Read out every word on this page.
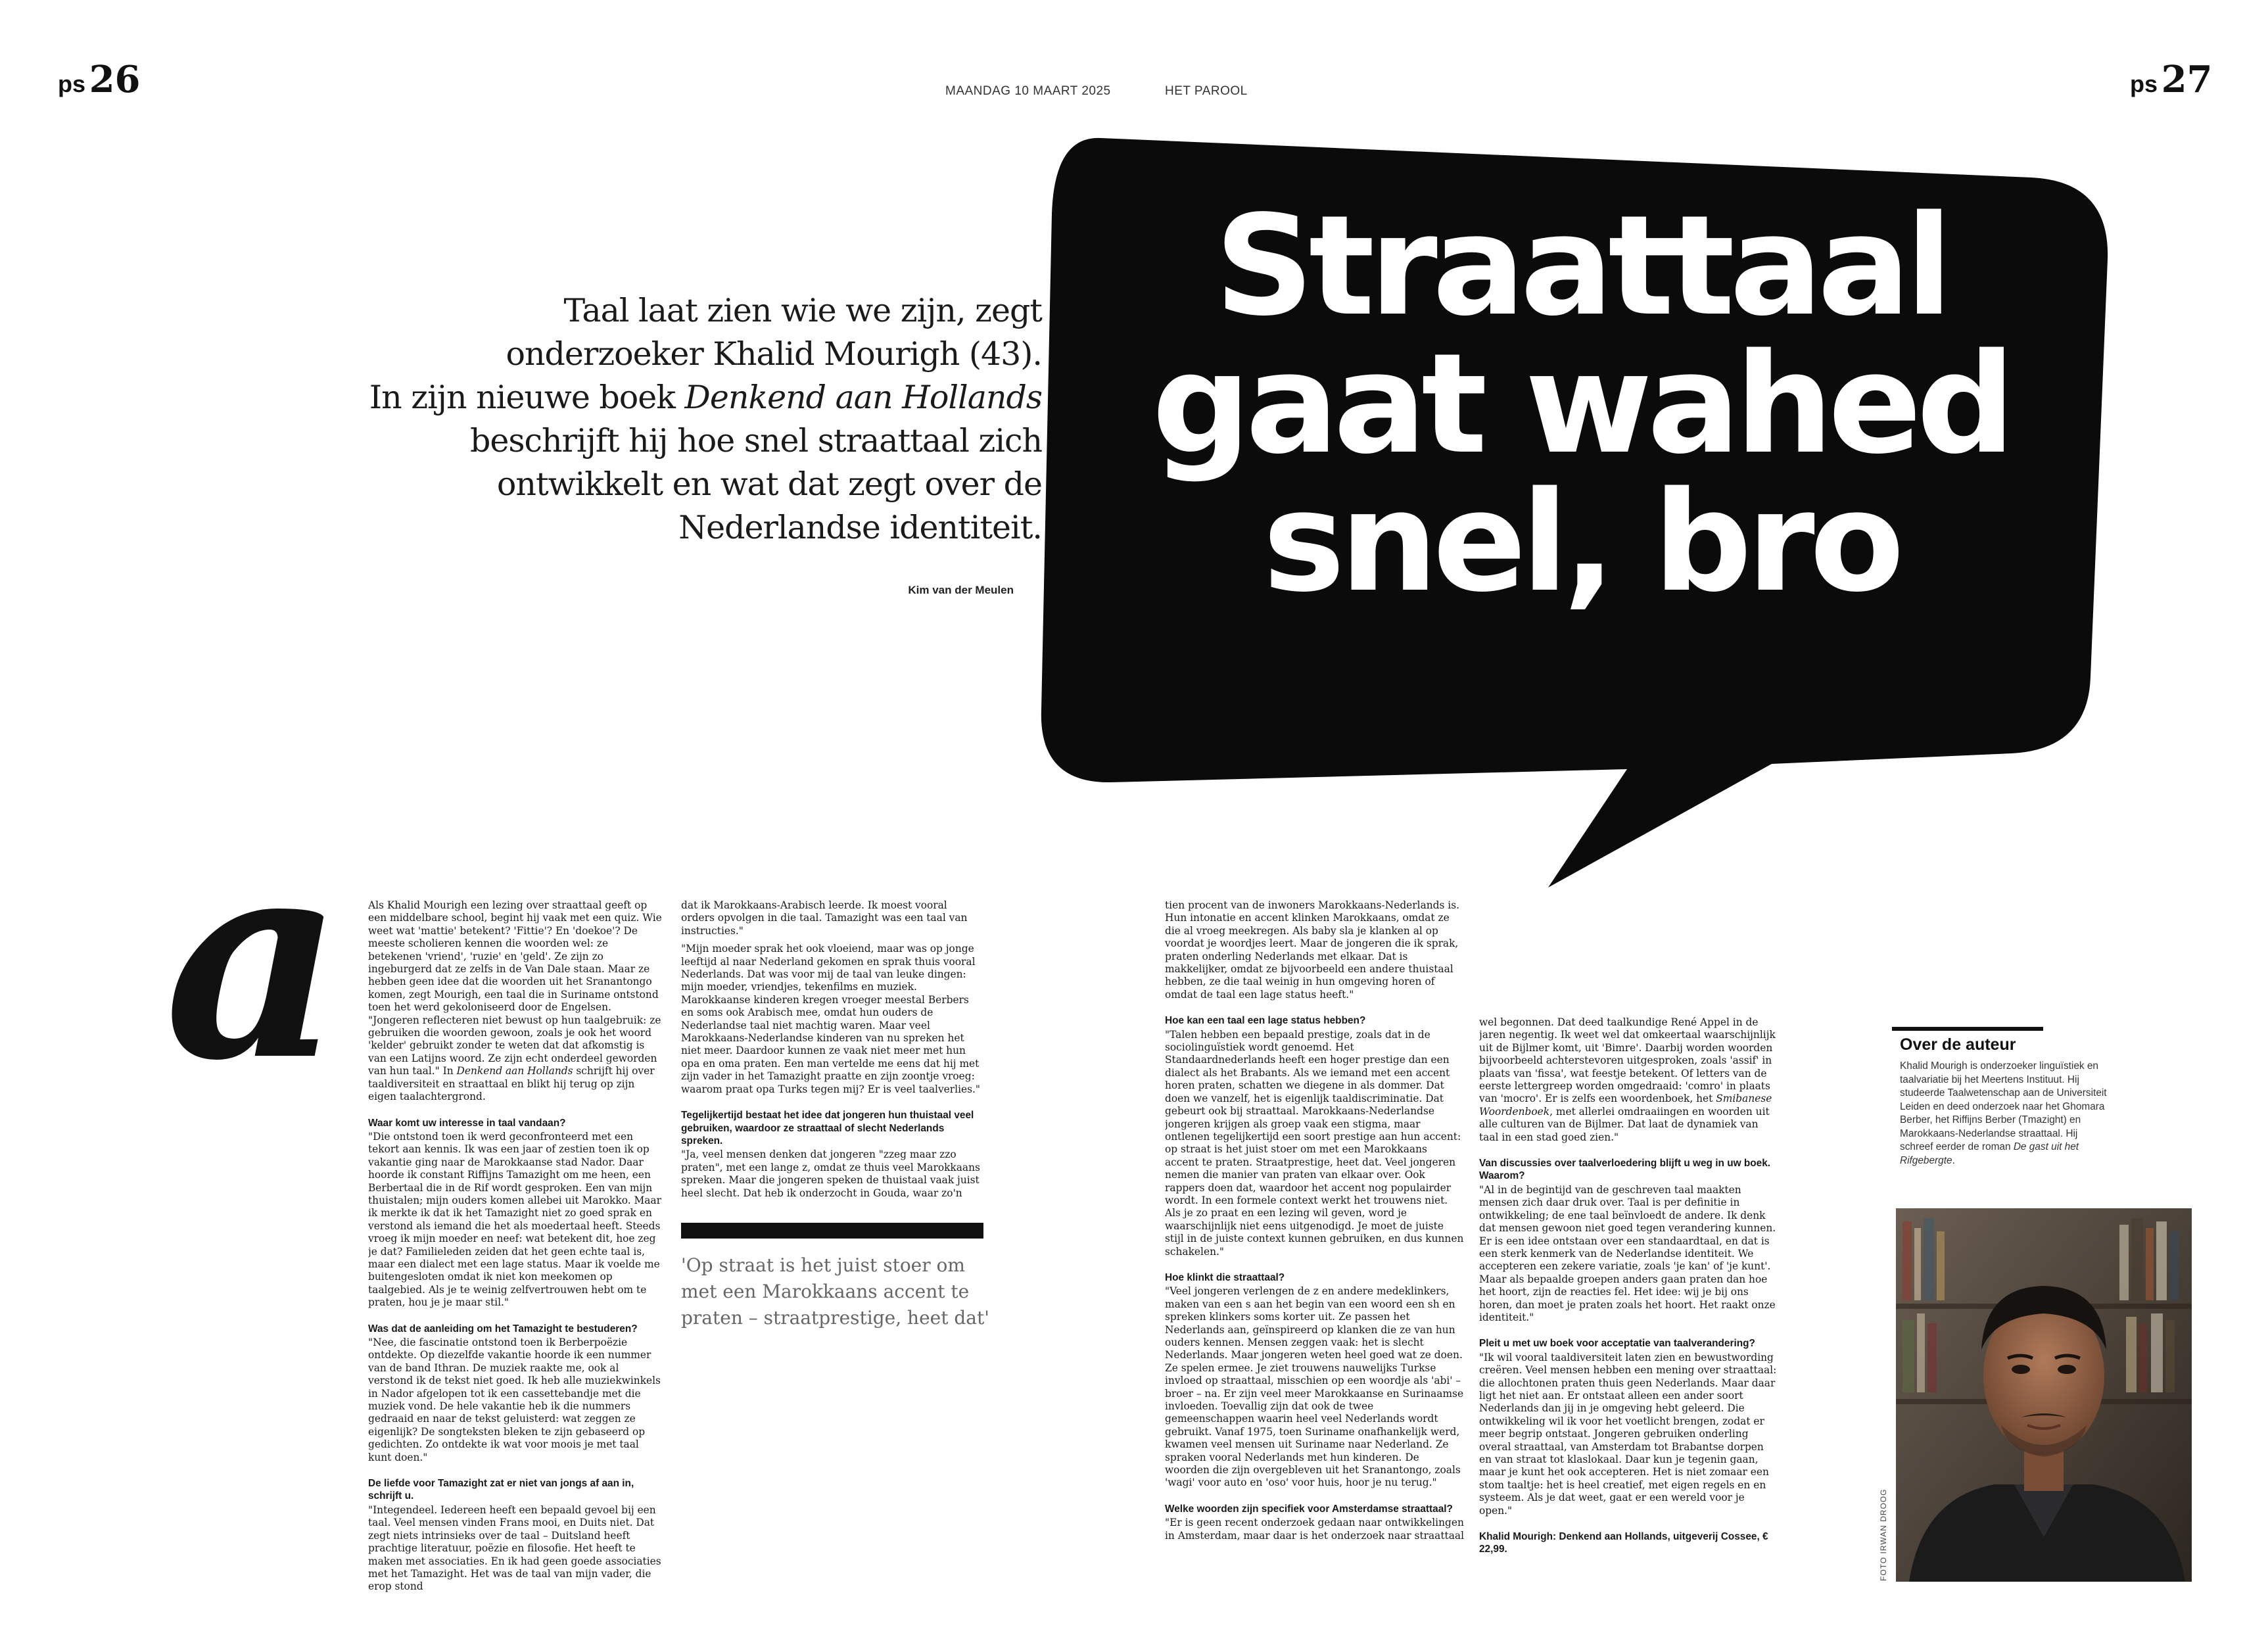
ps 26	MAANDAG 10 MAART 2025	HET PAROOL	ps 27
Taal laat zien wie we zijn, zegt
onderzoeker Khalid Mourigh (43).
In zijn nieuwe boek Denkend aan Hollands
beschrijft hij hoe snel straattaal zich
ontwikkelt en wat dat zegt over de
Nederlandse identiteit.
Kim van der Meulen
Straattaal
gaat wahed
snel, bro
a Als Khalid Mourigh een lezing over straattaal geeft op een middelbare school, begint hij vaak met een quiz. Wie weet wat 'mattie' betekent? 'Fittie'? En 'doekoe'? De meeste scholieren kennen die woorden wel: ze betekenen 'vriend', 'ruzie' en 'geld'. Ze zijn zo ingeburgerd dat ze zelfs in de Van Dale staan. Maar ze hebben geen idee dat die woorden uit het Sranantongo komen, zegt Mourigh, een taal die in Suriname ontstond toen het werd gekoloniseerd door de Engelsen. "Jongeren reflecteren niet bewust op hun taalgebruik: ze gebruiken die woorden gewoon, zoals je ook het woord 'kelder' gebruikt zonder te weten dat dat afkomstig is van een Latijns woord. Ze zijn echt onderdeel geworden van hun taal." In Denkend aan Hollands schrijft hij over taaldiversiteit en straattaal en blikt hij terug op zijn eigen taalachtergrond.

Waar komt uw interesse in taal vandaan?

"Die ontstond toen ik werd geconfronteerd met een tekort aan kennis. Ik was een jaar of zestien toen ik op vakantie ging naar de Marokkaanse stad Nador. Daar hoorde ik constant Riffijns Tamazight om me heen, een Berbertaal die in de Rif wordt gesproken. Een van mijn thuistalen; mijn ouders komen allebei uit Marokko. Maar ik merkte ik dat ik het Tamazight niet zo goed sprak en verstond als iemand die het als moedertaal heeft. Steeds vroeg ik mijn moeder en neef: wat betekent dit, hoe zeg je dat? Familieleden zeiden dat het geen echte taal is, maar een dialect met een lage status. Maar ik voelde me buitengesloten omdat ik niet kon meekomen op taalgebied. Als je te weinig zelfvertrouwen hebt om te praten, hou je je maar stil."

Was dat de aanleiding om het Tamazight te bestuderen?

"Nee, die fascinatie ontstond toen ik Berberpoëzie ontdekte. Op diezelfde vakantie hoorde ik een nummer van de band Ithran. De muziek raakte me, ook al verstond ik de tekst niet goed. Ik heb alle muziekwinkels in Nador afgelopen tot ik een cassettebandje met die muziek vond. De hele vakantie heb ik die nummers gedraaid en naar de tekst geluisterd: wat zeggen ze eigenlijk? De songteksten bleken te zijn gebaseerd op gedichten. Zo ontdekte ik wat voor moois je met taal kunt doen."

De liefde voor Tamazight zat er niet van jongs af aan in, schrijft u.

"Integendeel. Iedereen heeft een bepaald gevoel bij een taal. Veel mensen vinden Frans mooi, en Duits niet. Dat zegt niets intrinsieks over de taal – Duitsland heeft prachtige literatuur, poëzie en filosofie. Het heeft te maken met associaties. En ik had geen goede associaties met het Tamazight. Het was de taal van mijn vader, die erop stond

dat ik Marokkaans-Arabisch leerde. Ik moest vooral orders opvolgen in die taal. Tamazight was een taal van instructies."

"Mijn moeder sprak het ook vloeiend, maar was op jonge leeftijd al naar Nederland gekomen en sprak thuis vooral Nederlands. Dat was voor mij de taal van leuke dingen: mijn moeder, vriendjes, tekenfilms en muziek. Marokkaanse kinderen kregen vroeger meestal Berbers en soms ook Arabisch mee, omdat hun ouders de Nederlandse taal niet machtig waren. Maar veel Marokkaans-Nederlandse kinderen van nu spreken het niet meer. Daardoor kunnen ze vaak niet meer met hun opa en oma praten. Een man vertelde me eens dat hij met zijn vader in het Tamazight praatte en zijn zoontje vroeg: waarom praat opa Turks tegen mij? Er is veel taalverlies."

Tegelijkertijd bestaat het idee dat jongeren hun thuistaal veel gebruiken, waardoor ze straattaal of slecht Nederlands spreken.

"Ja, veel mensen denken dat jongeren "zzeg maar zzo praten", met een lange z, omdat ze thuis veel Marokkaans spreken. Maar die jongeren speken de thuistaal vaak juist heel slecht. Dat heb ik onderzocht in Gouda, waar zo'n

'Op straat is het juist stoer om met een Marokkaans accent te praten – straatprestige, heet dat'

tien procent van de inwoners Marokkaans-Nederlands is. Hun intonatie en accent klinken Marokkaans, omdat ze die al vroeg meekregen. Als baby sla je klanken al op voordat je woordjes leert. Maar de jongeren die ik sprak, praten onderling Nederlands met elkaar. Dat is makkelijker, omdat ze bijvoorbeeld een andere thuistaal hebben, ze die taal weinig in hun omgeving horen of omdat de taal een lage status heeft."

Hoe kan een taal een lage status hebben?

"Talen hebben een bepaald prestige, zoals dat in de sociolinguïstiek wordt genoemd. Het Standaardnederlands heeft een hoger prestige dan een dialect als het Brabants. Als we iemand met een accent horen praten, schatten we diegene in als dommer. Dat doen we vanzelf, het is eigenlijk taaldiscriminatie. Dat gebeurt ook bij straattaal. Marokkaans-Nederlandse jongeren krijgen als groep vaak een stigma, maar ontlenen tegelijkertijd een soort prestige aan hun accent: op straat is het juist stoer om met een Marokkaans accent te praten. Straatprestige, heet dat. Veel jongeren nemen die manier van praten van elkaar over. Ook rappers doen dat, waardoor het accent nog populairder wordt. In een formele context werkt het trouwens niet. Als je zo praat en een lezing wil geven, word je waarschijnlijk niet eens uitgenodigd. Je moet de juiste stijl in de juiste context kunnen gebruiken, en dus kunnen schakelen."

Hoe klinkt die straattaal?

"Veel jongeren verlengen de z en andere medeklinkers, maken van een s aan het begin van een woord een sh en spreken klinkers soms korter uit. Ze passen het Nederlands aan, geïnspireerd op klanken die ze van hun ouders kennen. Mensen zeggen vaak: het is slecht Nederlands. Maar jongeren weten heel goed wat ze doen. Ze spelen ermee. Je ziet trouwens nauwelijks Turkse invloed op straattaal, misschien op een woordje als 'abi' – broer – na. Er zijn veel meer Marokkaanse en Surinaamse invloeden. Toevallig zijn dat ook de twee gemeenschappen waarin heel veel Nederlands wordt gebruikt. Vanaf 1975, toen Suriname onafhankelijk werd, kwamen veel mensen uit Suriname naar Nederland. Ze spraken vooral Nederlands met hun kinderen. De woorden die zijn overgebleven uit het Sranantongo, zoals 'wagi' voor auto en 'oso' voor huis, hoor je nu terug."

Welke woorden zijn specifiek voor Amsterdamse straattaal?

"Er is geen recent onderzoek gedaan naar ontwikkelingen in Amsterdam, maar daar is het onderzoek naar straattaal

wel begonnen. Dat deed taalkundige René Appel in de jaren negentig. Ik weet wel dat omkeertaal waarschijnlijk uit de Bijlmer komt, uit 'Bimre'. Daarbij worden woorden bijvoorbeeld achterstevoren uitgesproken, zoals 'assif' in plaats van 'fissa', wat feestje betekent. Of letters van de eerste lettergreep worden omgedraaid: 'comro' in plaats van 'mocro'. Er is zelfs een woordenboek, het Smibanese Woordenboek, met allerlei omdraaiingen en woorden uit alle culturen van de Bijlmer. Dat laat de dynamiek van taal in een stad goed zien."

Van discussies over taalverloedering blijft u weg in uw boek. Waarom?

"Al in de begintijd van de geschreven taal maakten mensen zich daar druk over. Taal is per definitie in ontwikkeling; de ene taal beïnvloedt de andere. Ik denk dat mensen gewoon niet goed tegen verandering kunnen. Er is een idee ontstaan over een standaardtaal, en dat is een sterk kenmerk van de Nederlandse identiteit. We accepteren een zekere variatie, zoals 'je kan' of 'je kunt'. Maar als bepaalde groepen anders gaan praten dan hoe het hoort, zijn de reacties fel. Het idee: wij je bij ons horen, dan moet je praten zoals het hoort. Het raakt onze identiteit."

Pleit u met uw boek voor acceptatie van taalverandering?

"Ik wil vooral taaldiversiteit laten zien en bewustwording creëren. Veel mensen hebben een mening over straattaal: die allochtonen praten thuis geen Nederlands. Maar daar ligt het niet aan. Er ontstaat alleen een ander soort Nederlands dan jij in je omgeving hebt geleerd. Die ontwikkeling wil ik voor het voetlicht brengen, zodat er meer begrip ontstaat. Jongeren gebruiken onderling overal straattaal, van Amsterdam tot Brabantse dorpen en van straat tot klaslokaal. Daar kun je tegenin gaan, maar je kunt het ook accepteren. Het is niet zomaar een stom taaltje: het is heel creatief, met eigen regels en en systeem. Als je dat weet, gaat er een wereld voor je open."

Khalid Mourigh: Denkend aan Hollands, uitgeverij Cossee, € 22,99.

Over de auteur
Khalid Mourigh is onderzoeker linguïstiek en taalvariatie bij het Meertens Instituut. Hij studeerde Taalwetenschap aan de Universiteit Leiden en deed onderzoek naar het Ghomara Berber, het Riffijns Berber (Tmazight) en Marokkaans-Nederlandse straattaal. Hij schreef eerder de roman De gast uit het Rifgebergte.
FOTO IRWAN DROOG
